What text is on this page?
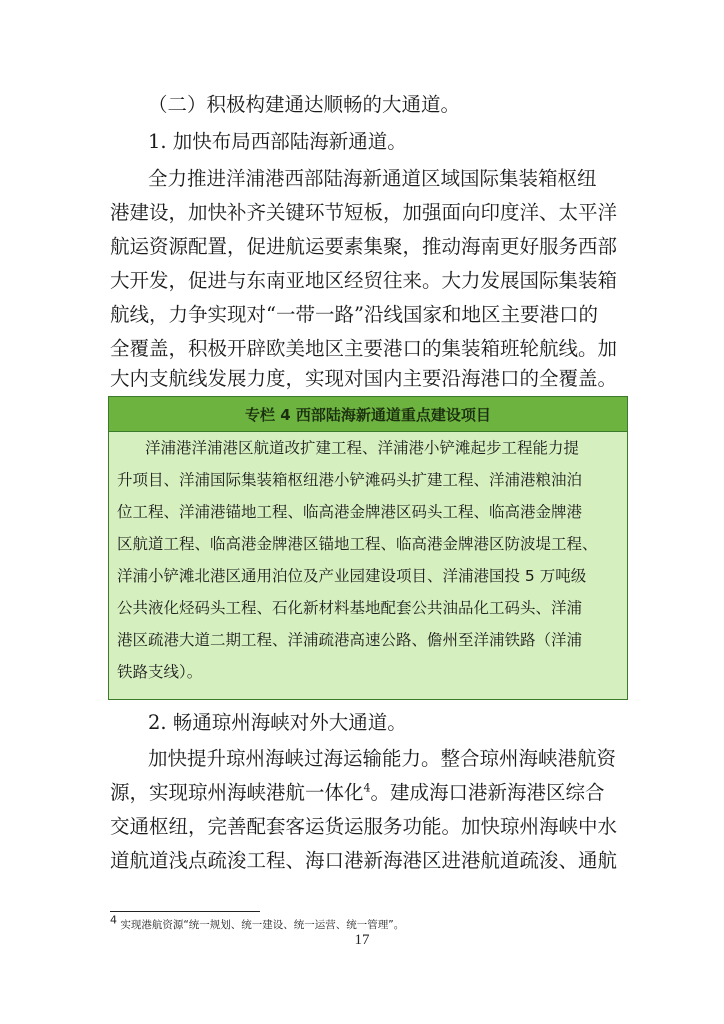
（二）积极构建通达顺畅的大通道。
1. 加快布局西部陆海新通道。
全力推进洋浦港西部陆海新通道区域国际集装箱枢纽
港建设，加快补齐关键环节短板，加强面向印度洋、太平洋
航运资源配置，促进航运要素集聚，推动海南更好服务西部
大开发，促进与东南亚地区经贸往来。大力发展国际集装箱
航线，力争实现对“一带一路”沿线国家和地区主要港口的
全覆盖，积极开辟欧美地区主要港口的集装箱班轮航线。加
大内支航线发展力度，实现对国内主要沿海港口的全覆盖。
专栏 4 西部陆海新通道重点建设项目
洋浦港洋浦港区航道改扩建工程、洋浦港小铲滩起步工程能力提
升项目、洋浦国际集装箱枢纽港小铲滩码头扩建工程、洋浦港粮油泊
位工程、洋浦港锚地工程、临高港金牌港区码头工程、临高港金牌港
区航道工程、临高港金牌港区锚地工程、临高港金牌港区防波堤工程、
洋浦小铲滩北港区通用泊位及产业园建设项目、洋浦港国投 5 万吨级
公共液化烃码头工程、石化新材料基地配套公共油品化工码头、洋浦
港区疏港大道二期工程、洋浦疏港高速公路、儋州至洋浦铁路（洋浦
铁路支线）。
2. 畅通琼州海峡对外大通道。
加快提升琼州海峡过海运输能力。整合琼州海峡港航资
源，实现琼州海峡港航一体化$^4$。建成海口港新海港区综合
交通枢纽，完善配套客运货运服务功能。加快琼州海峡中水
道航道浅点疏浚工程、海口港新海港区进港航道疏浚、通航
$^4$ 实现港航资源“统一规划、统一建设、统一运营、统一管理”。
17
